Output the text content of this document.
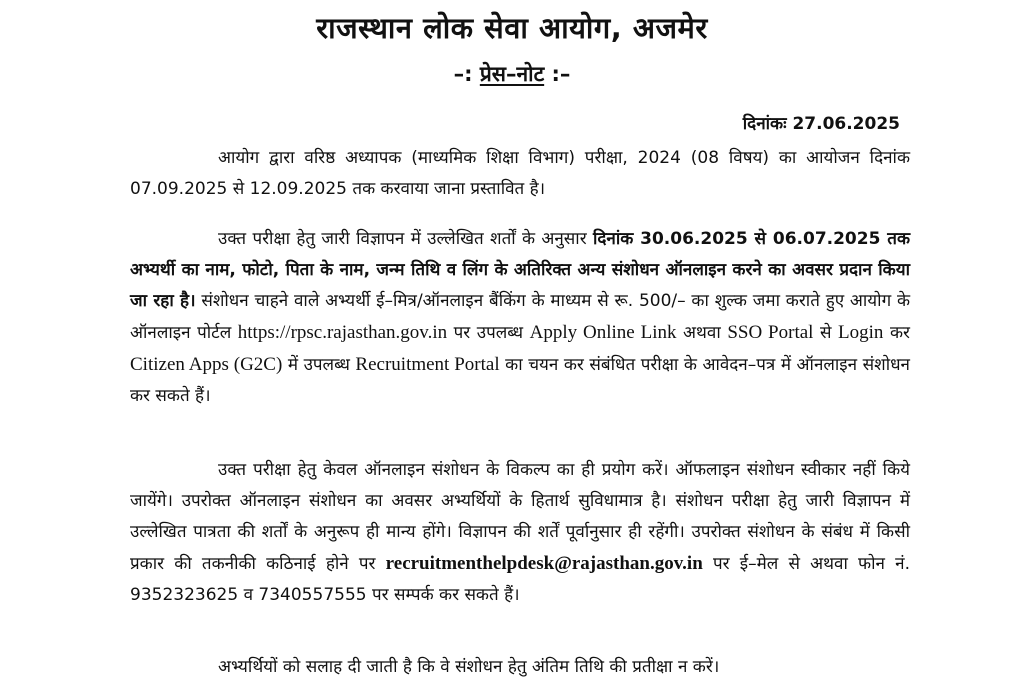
राजस्थान लोक सेवा आयोग, अजमेर
–: प्रेस–नोट :–
दिनांकः 27.06.2025
आयोग द्वारा वरिष्ठ अध्यापक (माध्यमिक शिक्षा विभाग) परीक्षा, 2024 (08 विषय) का आयोजन दिनांक 07.09.2025 से 12.09.2025 तक करवाया जाना प्रस्तावित है।
उक्त परीक्षा हेतु जारी विज्ञापन में उल्लेखित शर्तों के अनुसार दिनांक 30.06.2025 से 06.07.2025 तक अभ्यर्थी का नाम, फोटो, पिता के नाम, जन्म तिथि व लिंग के अतिरिक्त अन्य संशोधन ऑनलाइन करने का अवसर प्रदान किया जा रहा है। संशोधन चाहने वाले अभ्यर्थी ई–मित्र/ऑनलाइन बैंकिंग के माध्यम से रू. 500/– का शुल्क जमा कराते हुए आयोग के ऑनलाइन पोर्टल https://rpsc.rajasthan.gov.in पर उपलब्ध Apply Online Link अथवा SSO Portal से Login कर Citizen Apps (G2C) में उपलब्ध Recruitment Portal का चयन कर संबंधित परीक्षा के आवेदन–पत्र में ऑनलाइन संशोधन कर सकते हैं।
उक्त परीक्षा हेतु केवल ऑनलाइन संशोधन के विकल्प का ही प्रयोग करें। ऑफलाइन संशोधन स्वीकार नहीं किये जायेंगे। उपरोक्त ऑनलाइन संशोधन का अवसर अभ्यर्थियों के हितार्थ सुविधामात्र है। संशोधन परीक्षा हेतु जारी विज्ञापन में उल्लेखित पात्रता की शर्तों के अनुरूप ही मान्य होंगे। विज्ञापन की शर्तें पूर्वानुसार ही रहेंगी। उपरोक्त संशोधन के संबंध में किसी प्रकार की तकनीकी कठिनाई होने पर recruitmenthelpdesk@rajasthan.gov.in पर ई–मेल से अथवा फोन नं. 9352323625 व 7340557555 पर सम्पर्क कर सकते हैं।
अभ्यर्थियों को सलाह दी जाती है कि वे संशोधन हेतु अंतिम तिथि की प्रतीक्षा न करें।
